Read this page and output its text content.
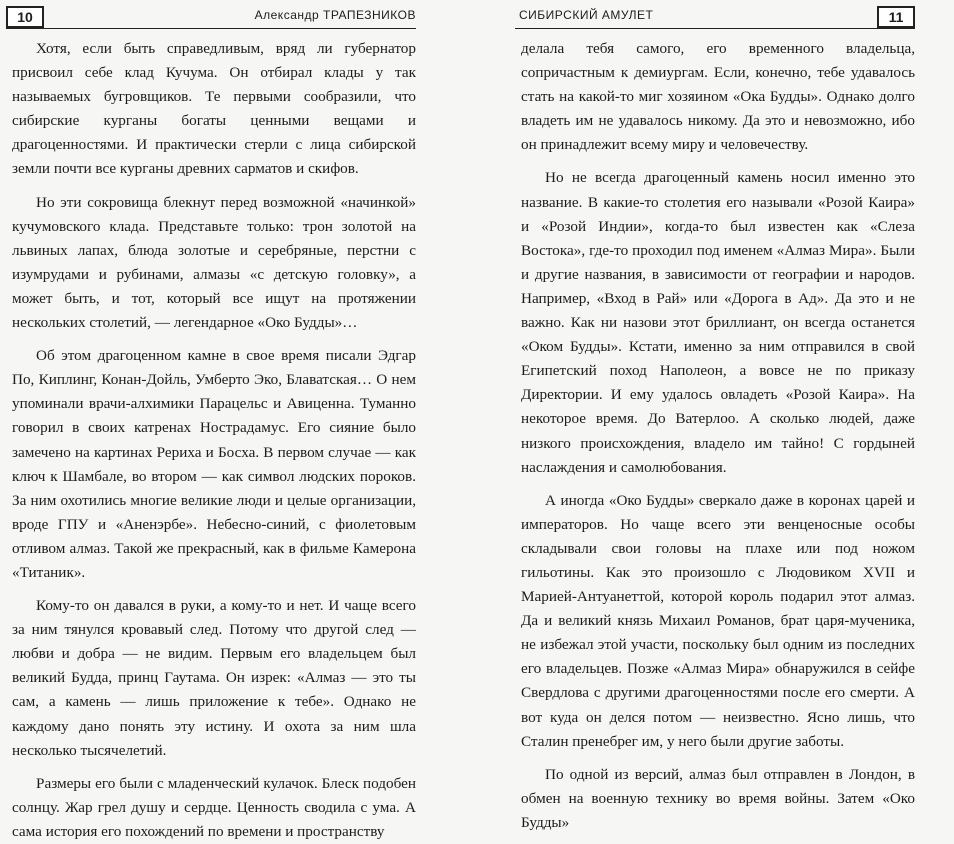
10	Александр ТРАПЕЗНИКОВ

Хотя, если быть справедливым, вряд ли губернатор присвоил себе клад Кучума. Он отбирал клады у так называемых бугровщиков. Те первыми сообразили, что сибирские курганы богаты ценными вещами и драгоценностями. И практически стерли с лица сибирской земли почти все курганы древних сарматов и скифов.

Но эти сокровища блекнут перед возможной «начинкой» кучумовского клада. Представьте только: трон золотой на львиных лапах, блюда золотые и серебряные, перстни с изумрудами и рубинами, алмазы «с детскую головку», а может быть, и тот, который все ищут на протяжении нескольких столетий, — легендарное «Око Будды»…

Об этом драгоценном камне в свое время писали Эдгар По, Киплинг, Конан-Дойль, Умберто Эко, Блаватская… О нем упоминали врачи-алхимики Парацельс и Авиценна. Туманно говорил в своих катренах Нострадамус. Его сияние было замечено на картинах Рериха и Босха. В первом случае — как ключ к Шамбале, во втором — как символ людских пороков. За ним охотились многие великие люди и целые организации, вроде ГПУ и «Аненэрбе». Небесно-синий, с фиолетовым отливом алмаз. Такой же прекрасный, как в фильме Камерона «Титаник».

Кому-то он давался в руки, а кому-то и нет. И чаще всего за ним тянулся кровавый след. Потому что другой след — любви и добра — не видим. Первым его владельцем был великий Будда, принц Гаутама. Он изрек: «Алмаз — это ты сам, а камень — лишь приложение к тебе». Однако не каждому дано понять эту истину. И охота за ним шла несколько тысячелетий.

Размеры его были с младенческий кулачок. Блеск подобен солнцу. Жар грел душу и сердце. Ценность сводила с ума. А сама история его похождений по времени и пространству

СИБИРСКИЙ АМУЛЕТ	11

делала тебя самого, его временного владельца, сопричастным к демиургам. Если, конечно, тебе удавалось стать на какой-то миг хозяином «Ока Будды». Однако долго владеть им не удавалось никому. Да это и невозможно, ибо он принадлежит всему миру и человечеству.

Но не всегда драгоценный камень носил именно это название. В какие-то столетия его называли «Розой Каира» и «Розой Индии», когда-то был известен как «Слеза Востока», где-то проходил под именем «Алмаз Мира». Были и другие названия, в зависимости от географии и народов. Например, «Вход в Рай» или «Дорога в Ад». Да это и не важно. Как ни назови этот бриллиант, он всегда останется «Оком Будды». Кстати, именно за ним отправился в свой Египетский поход Наполеон, а вовсе не по приказу Директории. И ему удалось овладеть «Розой Каира». На некоторое время. До Ватерлоо. А сколько людей, даже низкого происхождения, владело им тайно! С гордыней наслаждения и самолюбования.

А иногда «Око Будды» сверкало даже в коронах царей и императоров. Но чаще всего эти венценосные особы складывали свои головы на плахе или под ножом гильотины. Как это произошло с Людовиком XVII и Марией-Антуанеттой, которой король подарил этот алмаз. Да и великий князь Михаил Романов, брат царя-мученика, не избежал этой участи, поскольку был одним из последних его владельцев. Позже «Алмаз Мира» обнаружился в сейфе Свердлова с другими драгоценностями после его смерти. А вот куда он делся потом — неизвестно. Ясно лишь, что Сталин пренебрег им, у него были другие заботы.

По одной из версий, алмаз был отправлен в Лондон, в обмен на военную технику во время войны. Затем «Око Будды»
